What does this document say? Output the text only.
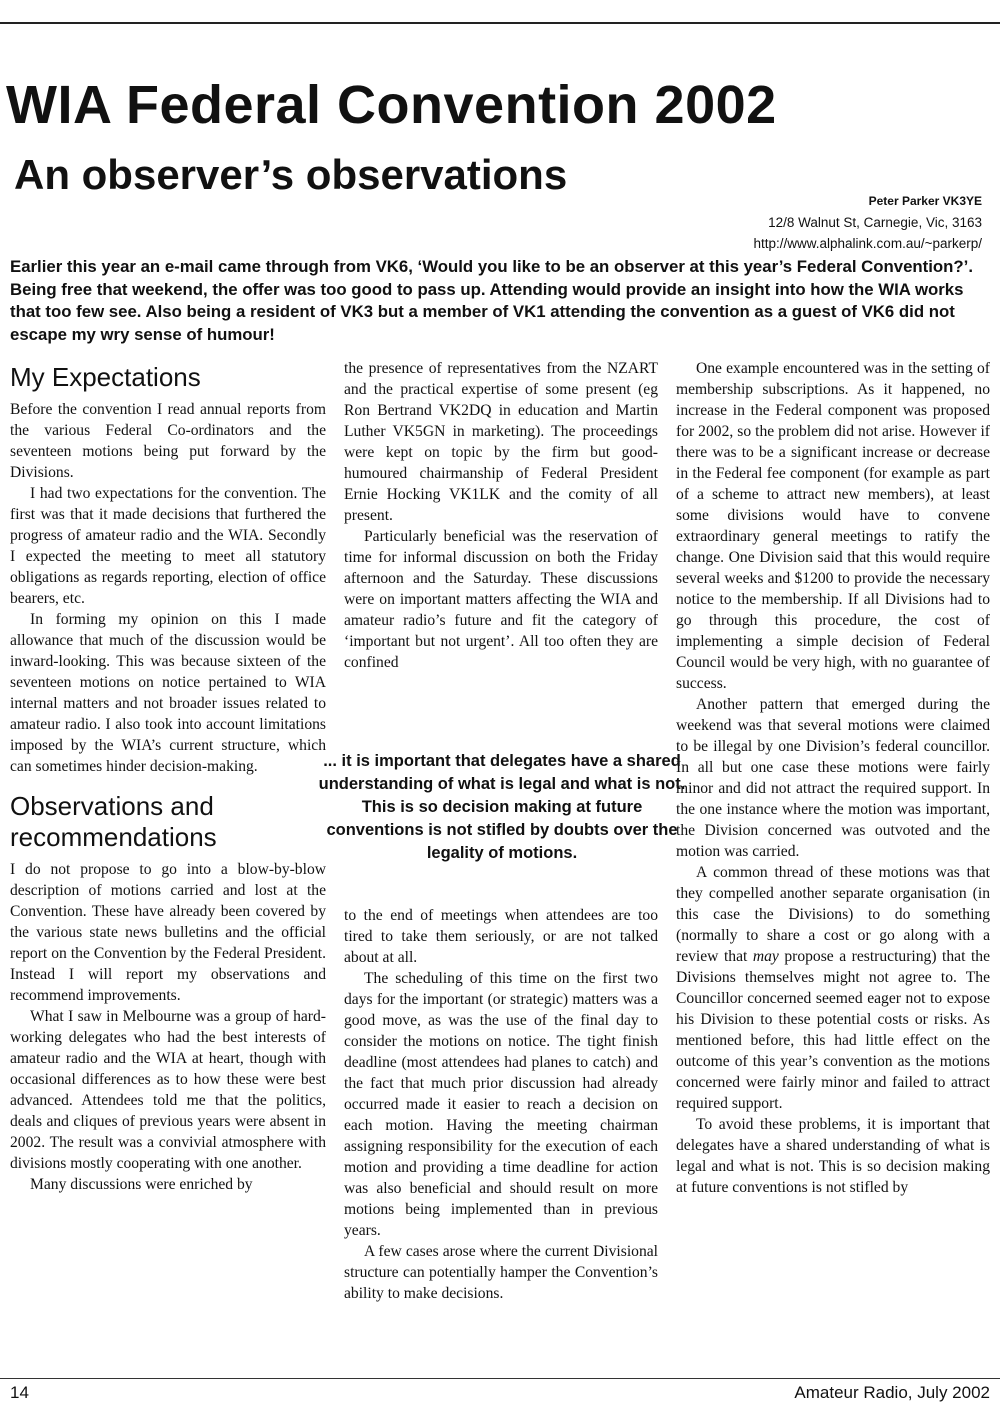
WIA Federal Convention 2002
An observer’s observations
Peter Parker VK3YE
12/8 Walnut St, Carnegie, Vic, 3163
http://www.alphalink.com.au/~parkerp/
Earlier this year an e-mail came through from VK6, ‘Would you like to be an observer at this year’s Federal Convention?’. Being free that weekend, the offer was too good to pass up. Attending would provide an insight into how the WIA works that too few see. Also being a resident of VK3 but a member of VK1 attending the convention as a guest of VK6 did not escape my wry sense of humour!
My Expectations

Before the convention I read annual reports from the various Federal Co-ordinators and the seventeen motions being put forward by the Divisions.

I had two expectations for the convention. The first was that it made decisions that furthered the progress of amateur radio and the WIA. Secondly I expected the meeting to meet all statutory obligations as regards reporting, election of office bearers, etc.

In forming my opinion on this I made allowance that much of the discussion would be inward-looking. This was because sixteen of the seventeen motions on notice pertained to WIA internal matters and not broader issues related to amateur radio. I also took into account limitations imposed by the WIA’s current structure, which can sometimes hinder decision-making.

Observations and recommendations

I do not propose to go into a blow-by-blow description of motions carried and lost at the Convention. These have already been covered by the various state news bulletins and the official report on the Convention by the Federal President. Instead I will report my observations and recommend improvements.

What I saw in Melbourne was a group of hard-working delegates who had the best interests of amateur radio and the WIA at heart, though with occasional differences as to how these were best advanced. Attendees told me that the politics, deals and cliques of previous years were absent in 2002. The result was a convivial atmosphere with divisions mostly cooperating with one another.

Many discussions were enriched by

the presence of representatives from the NZART and the practical expertise of some present (eg Ron Bertrand VK2DQ in education and Martin Luther VK5GN in marketing). The proceedings were kept on topic by the firm but good-humoured chairmanship of Federal President Ernie Hocking VK1LK and the comity of all present.

Particularly beneficial was the reservation of time for informal discussion on both the Friday afternoon and the Saturday. These discussions were on important matters affecting the WIA and amateur radio’s future and fit the category of ‘important but not urgent’. All too often they are confined

... it is important that delegates have a shared understanding of what is legal and what is not. This is so decision making at future conventions is not stifled by doubts over the legality of motions.

to the end of meetings when attendees are too tired to take them seriously, or are not talked about at all.

The scheduling of this time on the first two days for the important (or strategic) matters was a good move, as was the use of the final day to consider the motions on notice. The tight finish deadline (most attendees had planes to catch) and the fact that much prior discussion had already occurred made it easier to reach a decision on each motion. Having the meeting chairman assigning responsibility for the execution of each motion and providing a time deadline for action was also beneficial and should result on more motions being implemented than in previous years.

A few cases arose where the current Divisional structure can potentially hamper the Convention’s ability to make decisions.

One example encountered was in the setting of membership subscriptions. As it happened, no increase in the Federal component was proposed for 2002, so the problem did not arise. However if there was to be a significant increase or decrease in the Federal fee component (for example as part of a scheme to attract new members), at least some divisions would have to convene extraordinary general meetings to ratify the change. One Division said that this would require several weeks and $1200 to provide the necessary notice to the membership. If all Divisions had to go through this procedure, the cost of implementing a simple decision of Federal Council would be very high, with no guarantee of success.

Another pattern that emerged during the weekend was that several motions were claimed to be illegal by one Division’s federal councillor. In all but one case these motions were fairly minor and did not attract the required support. In the one instance where the motion was important, the Division concerned was outvoted and the motion was carried.

A common thread of these motions was that they compelled another separate organisation (in this case the Divisions) to do something (normally to share a cost or go along with a review that may propose a restructuring) that the Divisions themselves might not agree to. The Councillor concerned seemed eager not to expose his Division to these potential costs or risks. As mentioned before, this had little effect on the outcome of this year’s convention as the motions concerned were fairly minor and failed to attract required support.

To avoid these problems, it is important that delegates have a shared understanding of what is legal and what is not. This is so decision making at future conventions is not stifled by

14	Amateur Radio, July 2002
